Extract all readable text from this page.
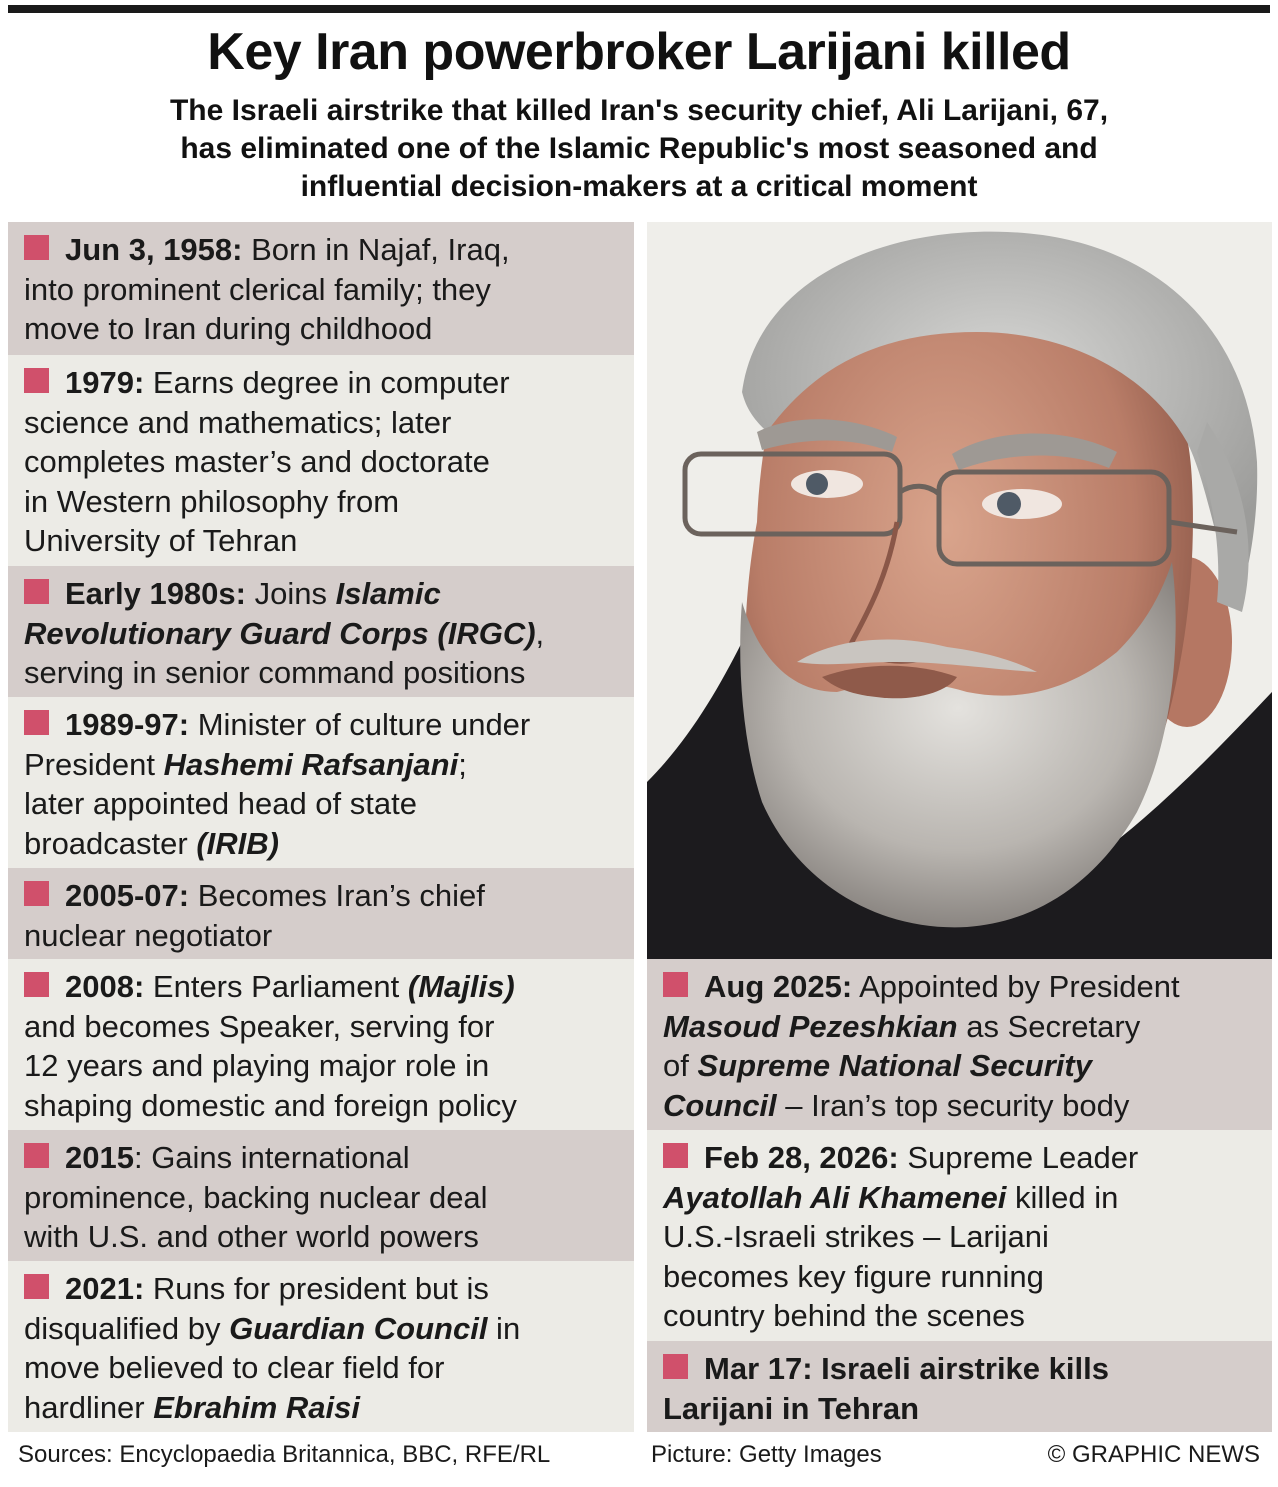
Key Iran powerbroker Larijani killed
The Israeli airstrike that killed Iran's security chief, Ali Larijani, 67,
has eliminated one of the Islamic Republic's most seasoned and
influential decision-makers at a critical moment
Jun 3, 1958: Born in Najaf, Iraq,
into prominent clerical family; they
move to Iran during childhood
1979: Earns degree in computer
science and mathematics; later
completes master’s and doctorate
in Western philosophy from
University of Tehran
Early 1980s: Joins Islamic
Revolutionary Guard Corps (IRGC),
serving in senior command positions
1989-97: Minister of culture under
President Hashemi Rafsanjani;
later appointed head of state
broadcaster (IRIB)
2005-07: Becomes Iran’s chief
nuclear negotiator
2008: Enters Parliament (Majlis)
and becomes Speaker, serving for
12 years and playing major role in
shaping domestic and foreign policy
2015: Gains international
prominence, backing nuclear deal
with U.S. and other world powers
2021: Runs for president but is
disqualified by Guardian Council in
move believed to clear field for
hardliner Ebrahim Raisi
Aug 2025: Appointed by President
Masoud Pezeshkian as Secretary
of Supreme National Security
Council – Iran’s top security body
Feb 28, 2026: Supreme Leader
Ayatollah Ali Khamenei killed in
U.S.-Israeli strikes – Larijani
becomes key figure running
country behind the scenes
Mar 17: Israeli airstrike kills
Larijani in Tehran
Sources: Encyclopaedia Britannica, BBC, RFE/RL	Picture: Getty Images	© GRAPHIC NEWS
